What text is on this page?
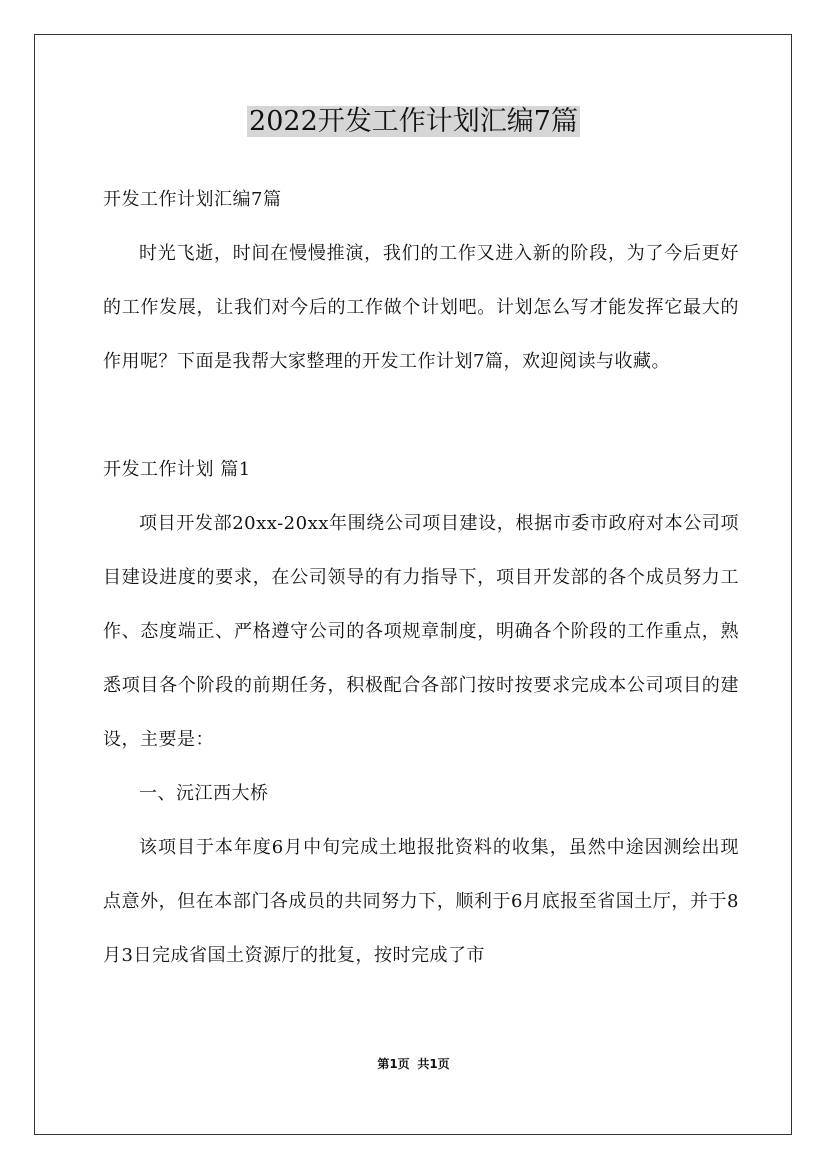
2022开发工作计划汇编7篇

开发工作计划汇编7篇

时光飞逝，时间在慢慢推演，我们的工作又进入新的阶段，为了今后更好的工作发展，让我们对今后的工作做个计划吧。计划怎么写才能发挥它最大的作用呢？下面是我帮大家整理的开发工作计划7篇，欢迎阅读与收藏。

开发工作计划 篇1

项目开发部20xx-20xx年围绕公司项目建设，根据市委市政府对本公司项目建设进度的要求，在公司领导的有力指导下，项目开发部的各个成员努力工作、态度端正、严格遵守公司的各项规章制度，明确各个阶段的工作重点，熟悉项目各个阶段的前期任务，积极配合各部门按时按要求完成本公司项目的建设，主要是：

一、沅江西大桥

该项目于本年度6月中旬完成土地报批资料的收集，虽然中途因测绘出现点意外，但在本部门各成员的共同努力下，顺利于6月底报至省国土厅，并于8月3日完成省国土资源厅的批复，按时完成了市

第1页 共1页
